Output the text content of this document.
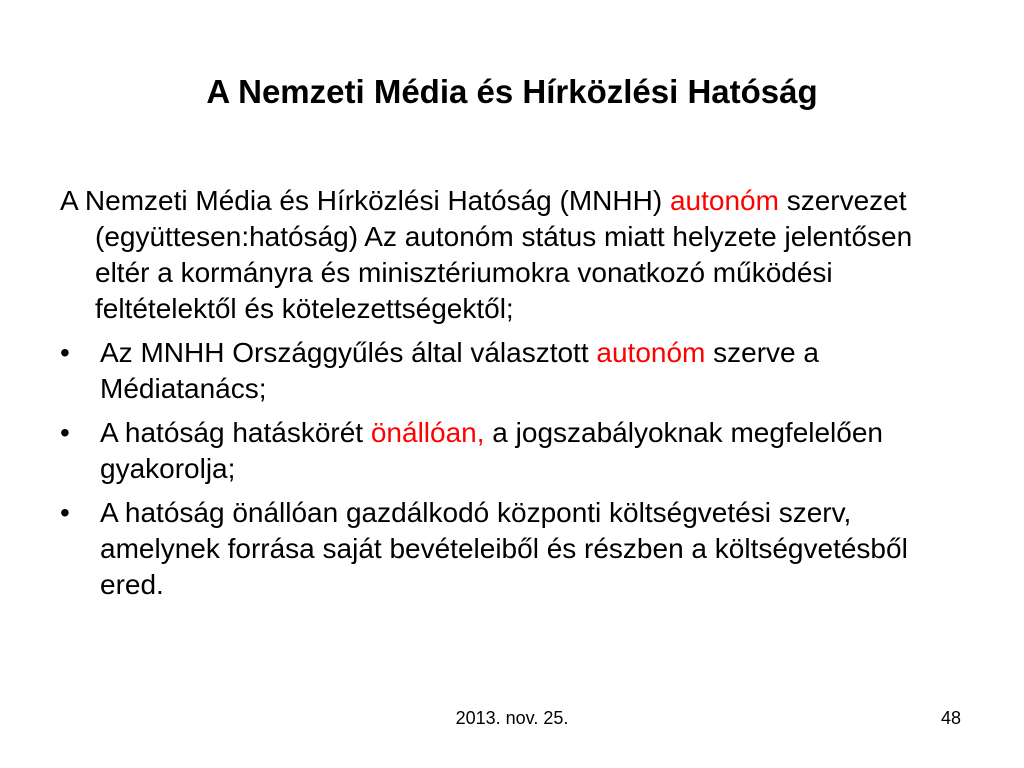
A Nemzeti Média és Hírközlési Hatóság

A Nemzeti Média és Hírközlési Hatóság (MNHH) autonóm szervezet (együttesen:hatóság) Az autonóm státus miatt helyzete jelentősen eltér a kormányra és minisztériumokra vonatkozó működési feltételektől és kötelezettségektől;

•	Az MNHH Országgyűlés által választott autonóm szerve a Médiatanács;
•	A hatóság hatáskörét önállóan, a jogszabályoknak megfelelően gyakorolja;
•	A hatóság önállóan gazdálkodó központi költségvetési szerv, amelynek forrása saját bevételeiből és részben a költségvetésből ered.
2013. nov. 25.	48
